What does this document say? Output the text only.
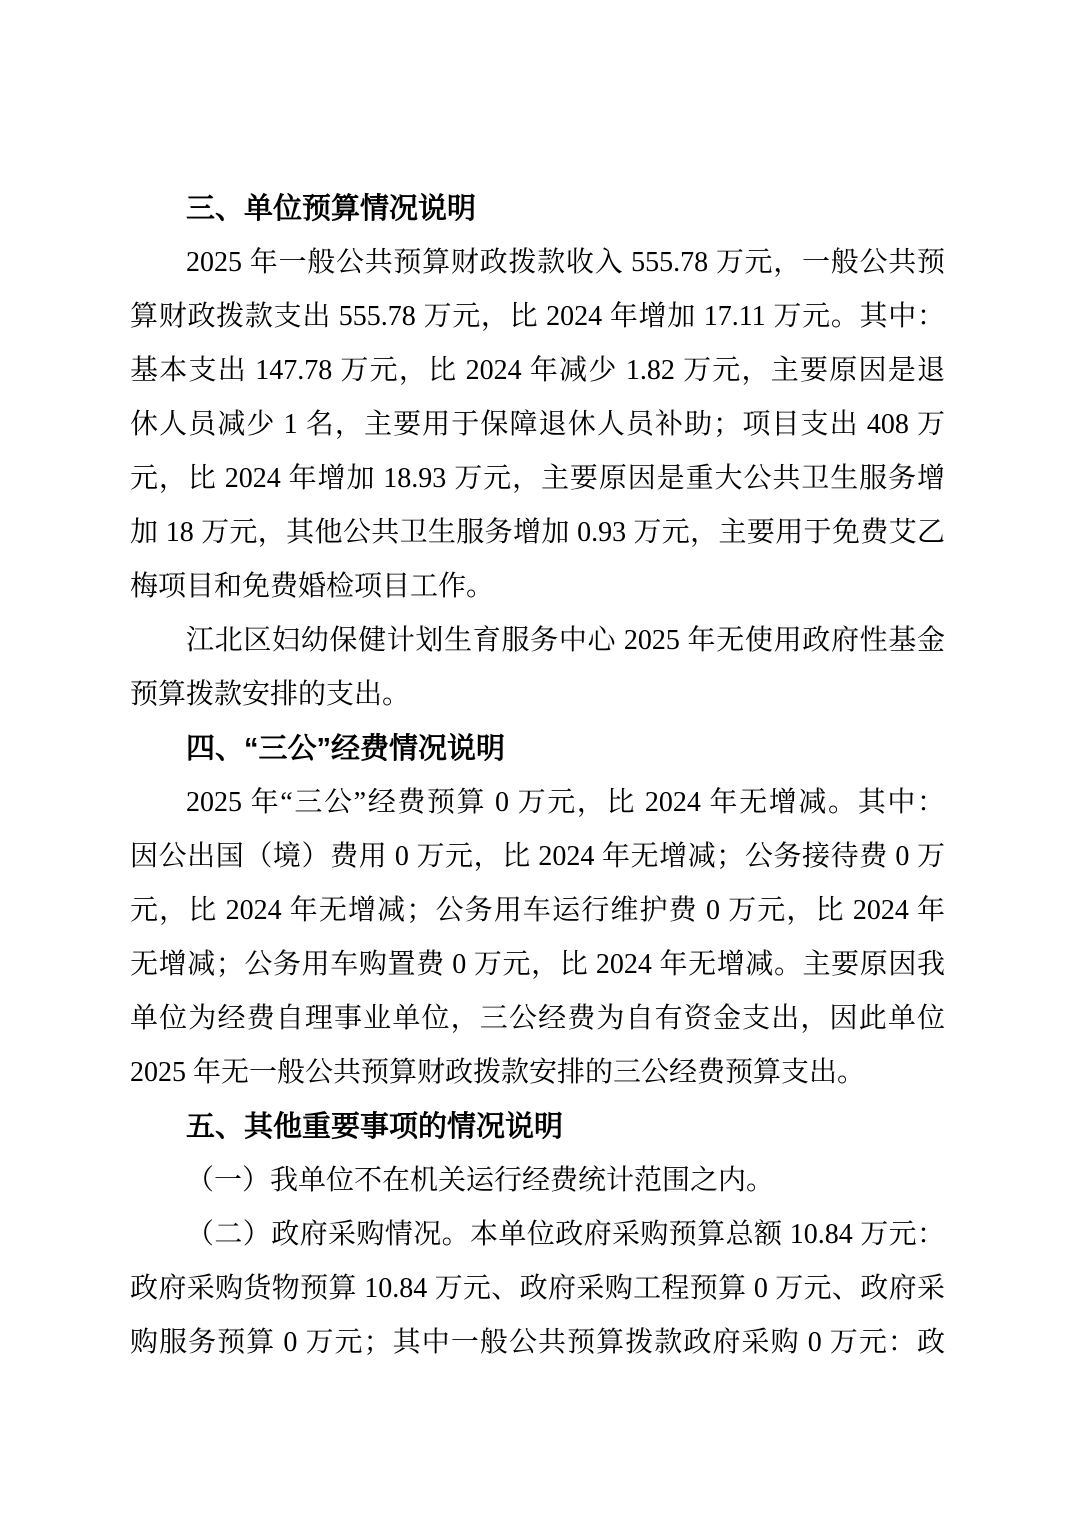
三、单位预算情况说明
2025 年一般公共预算财政拨款收入 555.78 万元，一般公共预
算财政拨款支出 555.78 万元，比 2024 年增加 17.11 万元。其中：
基本支出 147.78 万元，比 2024 年减少 1.82 万元，主要原因是退
休人员减少 1 名，主要用于保障退休人员补助；项目支出 408 万
元，比 2024 年增加 18.93 万元，主要原因是重大公共卫生服务增
加 18 万元，其他公共卫生服务增加 0.93 万元，主要用于免费艾乙
梅项目和免费婚检项目工作。
江北区妇幼保健计划生育服务中心 2025 年无使用政府性基金
预算拨款安排的支出。
四、“三公”经费情况说明
2025 年“三公”经费预算 0 万元，比 2024 年无增减。其中：
因公出国（境）费用 0 万元，比 2024 年无增减；公务接待费 0 万
元，比 2024 年无增减；公务用车运行维护费 0 万元，比 2024 年
无增减；公务用车购置费 0 万元，比 2024 年无增减。主要原因我
单位为经费自理事业单位，三公经费为自有资金支出，因此单位
2025 年无一般公共预算财政拨款安排的三公经费预算支出。
五、其他重要事项的情况说明
（一）我单位不在机关运行经费统计范围之内。
（二）政府采购情况。本单位政府采购预算总额 10.84 万元：
政府采购货物预算 10.84 万元、政府采购工程预算 0 万元、政府采
购服务预算 0 万元；其中一般公共预算拨款政府采购 0 万元：政
